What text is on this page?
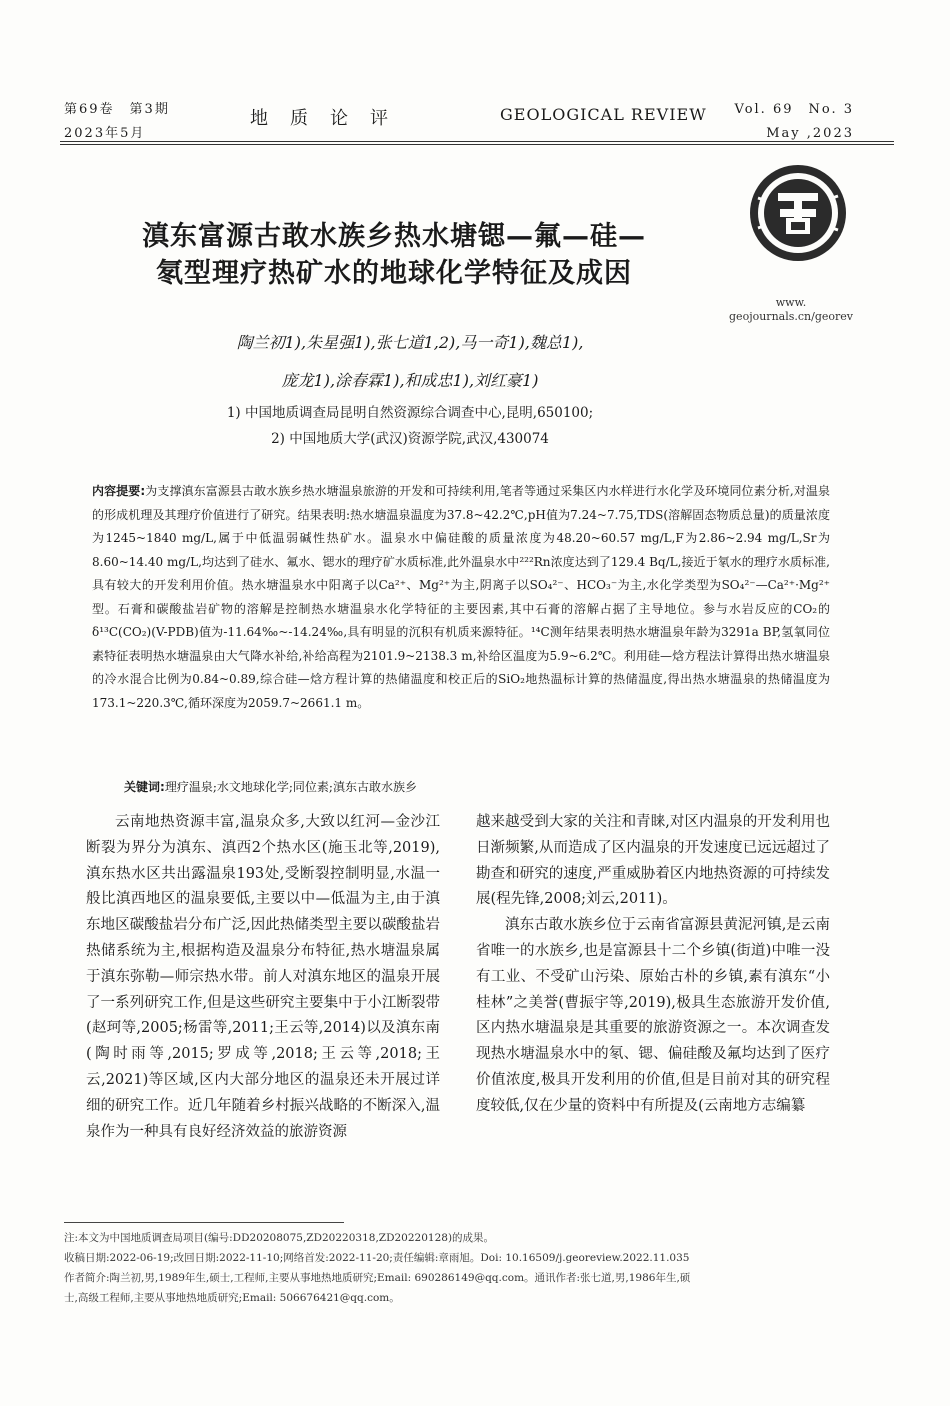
第69卷　第3期
2023年5月
地质论评	GEOLOGICAL REVIEW Vol. 69　No. 3
May ,2023
www.
geojournals.cn/georev
滇东富源古敢水族乡热水塘锶—氟—硅—
氡型理疗热矿水的地球化学特征及成因
陶兰初1),朱星强1),张七道1,2),马一奇1),魏总1),
庞龙1),涂春霖1),和成忠1),刘红豪1)
1) 中国地质调查局昆明自然资源综合调查中心,昆明,650100;
2) 中国地质大学(武汉)资源学院,武汉,430074
内容提要:为支撑滇东富源县古敢水族乡热水塘温泉旅游的开发和可持续利用,笔者等通过采集区内水样进行水化学及环境同位素分析,对温泉的形成机理及其理疗价值进行了研究。结果表明:热水塘温泉温度为37.8~42.2℃,pH值为7.24~7.75,TDS(溶解固态物质总量)的质量浓度为1245~1840 mg/L,属于中低温弱碱性热矿水。温泉水中偏硅酸的质量浓度为48.20~60.57 mg/L,F为2.86~2.94 mg/L,Sr为8.60~14.40 mg/L,均达到了硅水、氟水、锶水的理疗矿水质标准,此外温泉水中²²²Rn浓度达到了129.4 Bq/L,接近于氡水的理疗水质标准,具有较大的开发利用价值。热水塘温泉水中阳离子以Ca²⁺、Mg²⁺为主,阴离子以SO₄²⁻、HCO₃⁻为主,水化学类型为SO₄²⁻—Ca²⁺·Mg²⁺型。石膏和碳酸盐岩矿物的溶解是控制热水塘温泉水化学特征的主要因素,其中石膏的溶解占据了主导地位。参与水岩反应的CO₂的δ¹³C(CO₂)(V-PDB)值为-11.64‰~-14.24‰,具有明显的沉积有机质来源特征。¹⁴C测年结果表明热水塘温泉年龄为3291a BP,氢氧同位素特征表明热水塘温泉由大气降水补给,补给高程为2101.9~2138.3 m,补给区温度为5.9~6.2℃。利用硅—焓方程法计算得出热水塘温泉的冷水混合比例为0.84~0.89,综合硅—焓方程计算的热储温度和校正后的SiO₂地热温标计算的热储温度,得出热水塘温泉的热储温度为173.1~220.3℃,循环深度为2059.7~2661.1 m。
关键词:理疗温泉;水文地球化学;同位素;滇东古敢水族乡

云南地热资源丰富,温泉众多,大致以红河—金沙江断裂为界分为滇东、滇西2个热水区(施玉北等,2019),滇东热水区共出露温泉193处,受断裂控制明显,水温一般比滇西地区的温泉要低,主要以中—低温为主,由于滇东地区碳酸盐岩分布广泛,因此热储类型主要以碳酸盐岩热储系统为主,根据构造及温泉分布特征,热水塘温泉属于滇东弥勒—师宗热水带。前人对滇东地区的温泉开展了一系列研究工作,但是这些研究主要集中于小江断裂带(赵珂等,2005;杨雷等,2011;王云等,2014)以及滇东南(陶时雨等,2015;罗成等,2018;王云等,2018;王云,2021)等区域,区内大部分地区的温泉还未开展过详细的研究工作。近几年随着乡村振兴战略的不断深入,温泉作为一种具有良好经济效益的旅游资源

越来越受到大家的关注和青睐,对区内温泉的开发利用也日渐频繁,从而造成了区内温泉的开发速度已远远超过了勘查和研究的速度,严重威胁着区内地热资源的可持续发展(程先锋,2008;刘云,2011)。

滇东古敢水族乡位于云南省富源县黄泥河镇,是云南省唯一的水族乡,也是富源县十二个乡镇(街道)中唯一没有工业、不受矿山污染、原始古朴的乡镇,素有滇东“小桂林”之美誉(曹振宇等,2019),极具生态旅游开发价值,区内热水塘温泉是其重要的旅游资源之一。本次调查发现热水塘温泉水中的氡、锶、偏硅酸及氟均达到了医疗价值浓度,极具开发利用的价值,但是目前对其的研究程度较低,仅在少量的资料中有所提及(云南地方志编纂

注:本文为中国地质调查局项目(编号:DD20208075,ZD20220318,ZD20220128)的成果。
收稿日期:2022-06-19;改回日期:2022-11-10;网络首发:2022-11-20;责任编辑:章雨旭。Doi: 10.16509/j.georeview.2022.11.035
作者简介:陶兰初,男,1989年生,硕士,工程师,主要从事地热地质研究;Email: 690286149@qq.com。通讯作者:张七道,男,1986年生,硕
士,高级工程师,主要从事地热地质研究;Email: 506676421@qq.com。
